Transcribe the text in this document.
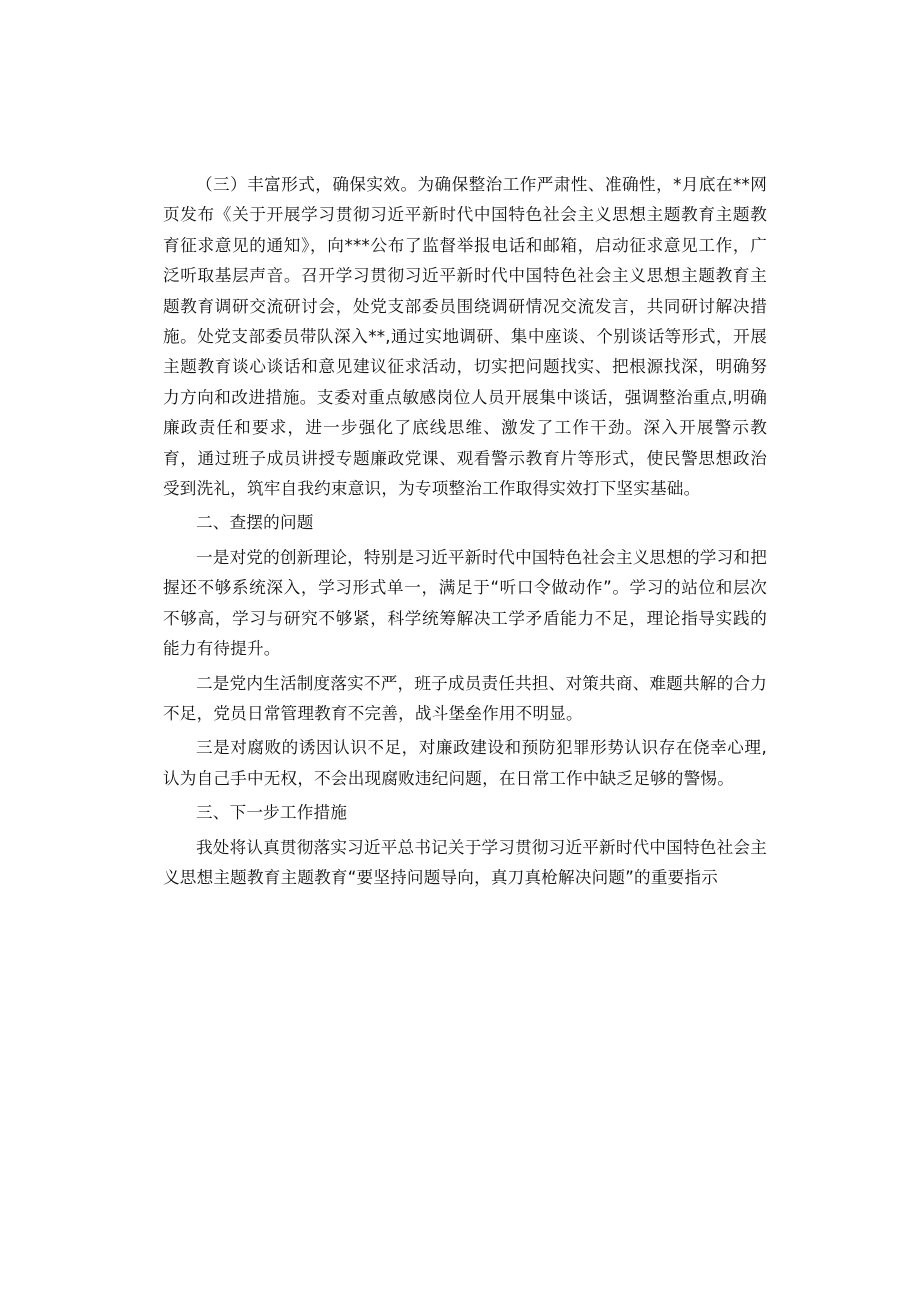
（三）丰富形式，确保实效。为确保整治工作严肃性、准确性，*月底在**网页发布《关于开展学习贯彻习近平新时代中国特色社会主义思想主题教育主题教育征求意见的通知》，向***公布了监督举报电话和邮箱，启动征求意见工作，广泛听取基层声音。召开学习贯彻习近平新时代中国特色社会主义思想主题教育主题教育调研交流研讨会，处党支部委员围绕调研情况交流发言，共同研讨解决措施。处党支部委员带队深入**,通过实地调研、集中座谈、个别谈话等形式，开展主题教育谈心谈话和意见建议征求活动，切实把问题找实、把根源找深，明确努力方向和改进措施。支委对重点敏感岗位人员开展集中谈话，强调整治重点,明确廉政责任和要求，进一步强化了底线思维、激发了工作干劲。深入开展警示教育，通过班子成员讲授专题廉政党课、观看警示教育片等形式，使民警思想政治受到洗礼，筑牢自我约束意识，为专项整治工作取得实效打下坚实基础。

二、查摆的问题

一是对党的创新理论，特别是习近平新时代中国特色社会主义思想的学习和把握还不够系统深入，学习形式单一，满足于“听口令做动作”。学习的站位和层次不够高，学习与研究不够紧，科学统筹解决工学矛盾能力不足，理论指导实践的能力有待提升。

二是党内生活制度落实不严，班子成员责任共担、对策共商、难题共解的合力不足，党员日常管理教育不完善，战斗堡垒作用不明显。

三是对腐败的诱因认识不足，对廉政建设和预防犯罪形势认识存在侥幸心理,认为自己手中无权，不会出现腐败违纪问题，在日常工作中缺乏足够的警惕。

三、下一步工作措施

我处将认真贯彻落实习近平总书记关于学习贯彻习近平新时代中国特色社会主义思想主题教育主题教育“要坚持问题导向，真刀真枪解决问题”的重要指示
